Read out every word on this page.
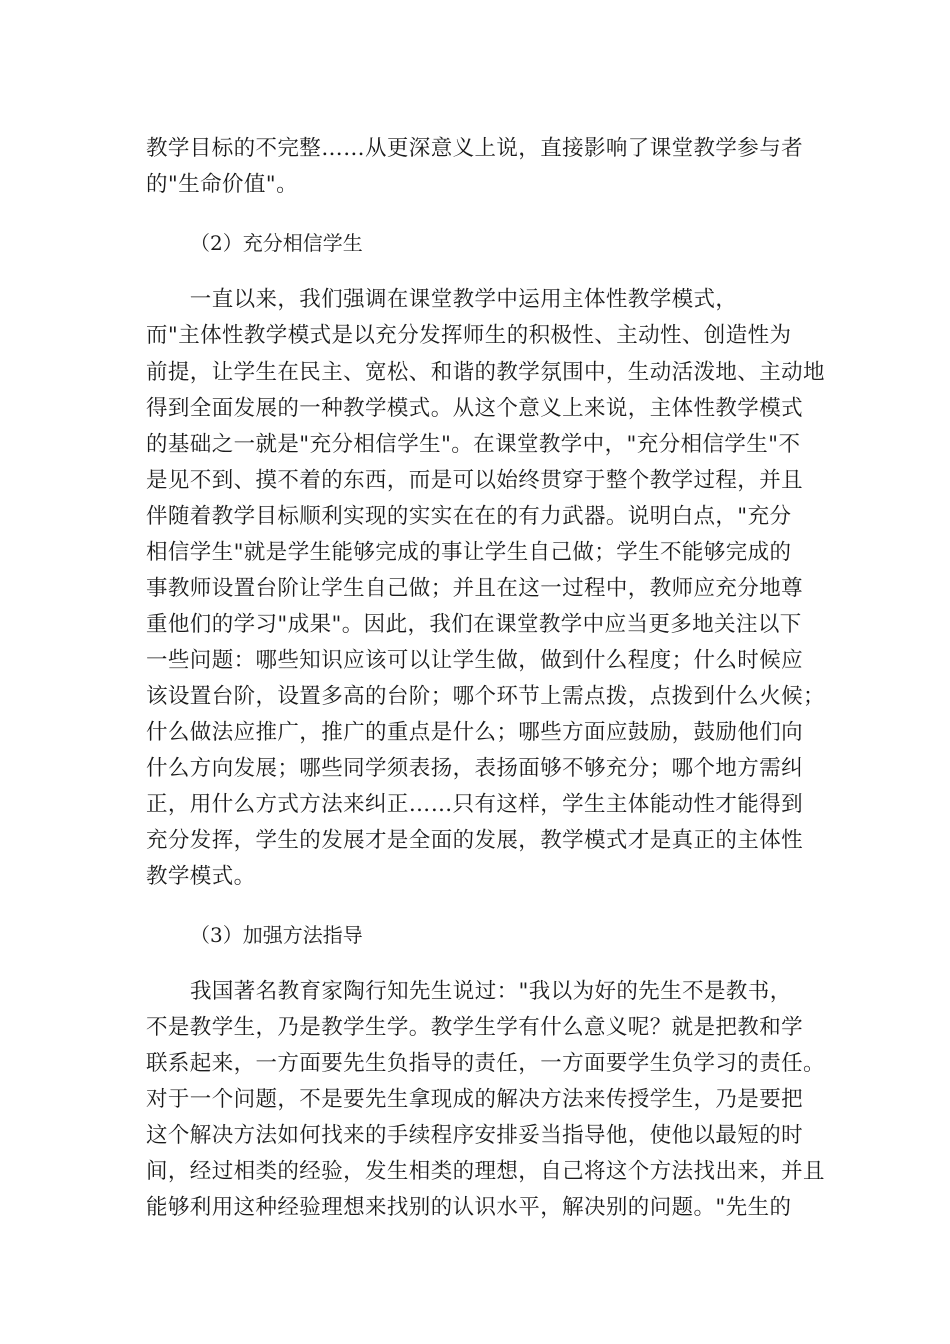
教学目标的不完整……从更深意义上说，直接影响了课堂教学参与者
的"生命价值"。
（2）充分相信学生
　　一直以来，我们强调在课堂教学中运用主体性教学模式，
而"主体性教学模式是以充分发挥师生的积极性、主动性、创造性为
前提，让学生在民主、宽松、和谐的教学氛围中，生动活泼地、主动地
得到全面发展的一种教学模式。从这个意义上来说，主体性教学模式
的基础之一就是"充分相信学生"。在课堂教学中，"充分相信学生"不
是见不到、摸不着的东西，而是可以始终贯穿于整个教学过程，并且
伴随着教学目标顺利实现的实实在在的有力武器。说明白点，"充分
相信学生"就是学生能够完成的事让学生自己做；学生不能够完成的
事教师设置台阶让学生自己做；并且在这一过程中，教师应充分地尊
重他们的学习"成果"。因此，我们在课堂教学中应当更多地关注以下
一些问题：哪些知识应该可以让学生做，做到什么程度；什么时候应
该设置台阶，设置多高的台阶；哪个环节上需点拨，点拨到什么火候；
什么做法应推广，推广的重点是什么；哪些方面应鼓励，鼓励他们向
什么方向发展；哪些同学须表扬，表扬面够不够充分；哪个地方需纠
正，用什么方式方法来纠正……只有这样，学生主体能动性才能得到
充分发挥，学生的发展才是全面的发展，教学模式才是真正的主体性
教学模式。
（3）加强方法指导
我国著名教育家陶行知先生说过："我以为好的先生不是教书，
不是教学生，乃是教学生学。教学生学有什么意义呢？就是把教和学
联系起来，一方面要先生负指导的责任，一方面要学生负学习的责任。
对于一个问题，不是要先生拿现成的解决方法来传授学生，乃是要把
这个解决方法如何找来的手续程序安排妥当指导他，使他以最短的时
间，经过相类的经验，发生相类的理想，自己将这个方法找出来，并且
能够利用这种经验理想来找别的认识水平，解决别的问题。"先生的
